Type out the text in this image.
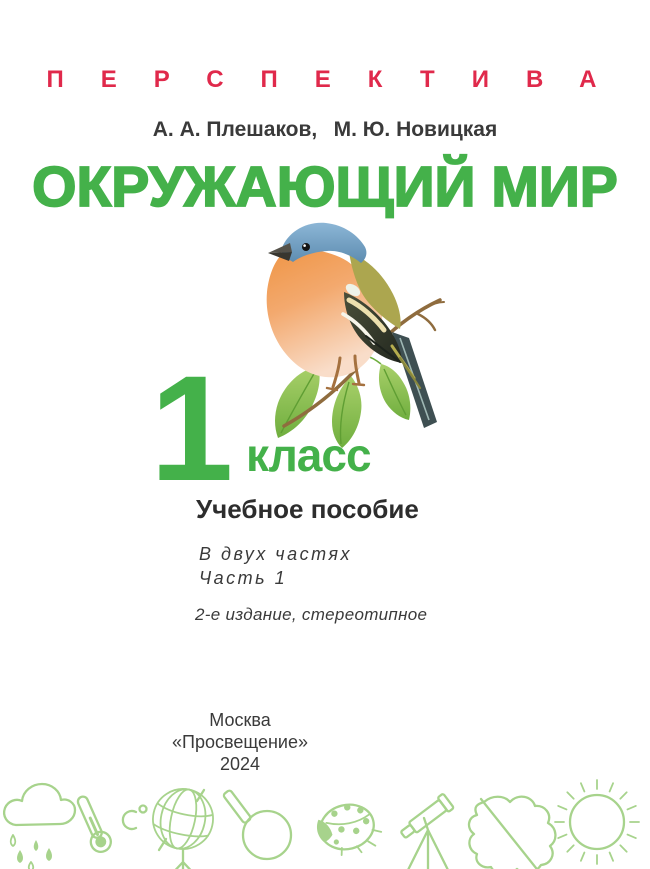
ПЕРСПЕКТИВА
А. А. Плешаков,  М. Ю. Новицкая
ОКРУЖАЮЩИЙ МИР
1 класс
Учебное пособие
В двух частях
Часть 1
2-е издание, стереотипное
Москва
«Просвещение»
2024
